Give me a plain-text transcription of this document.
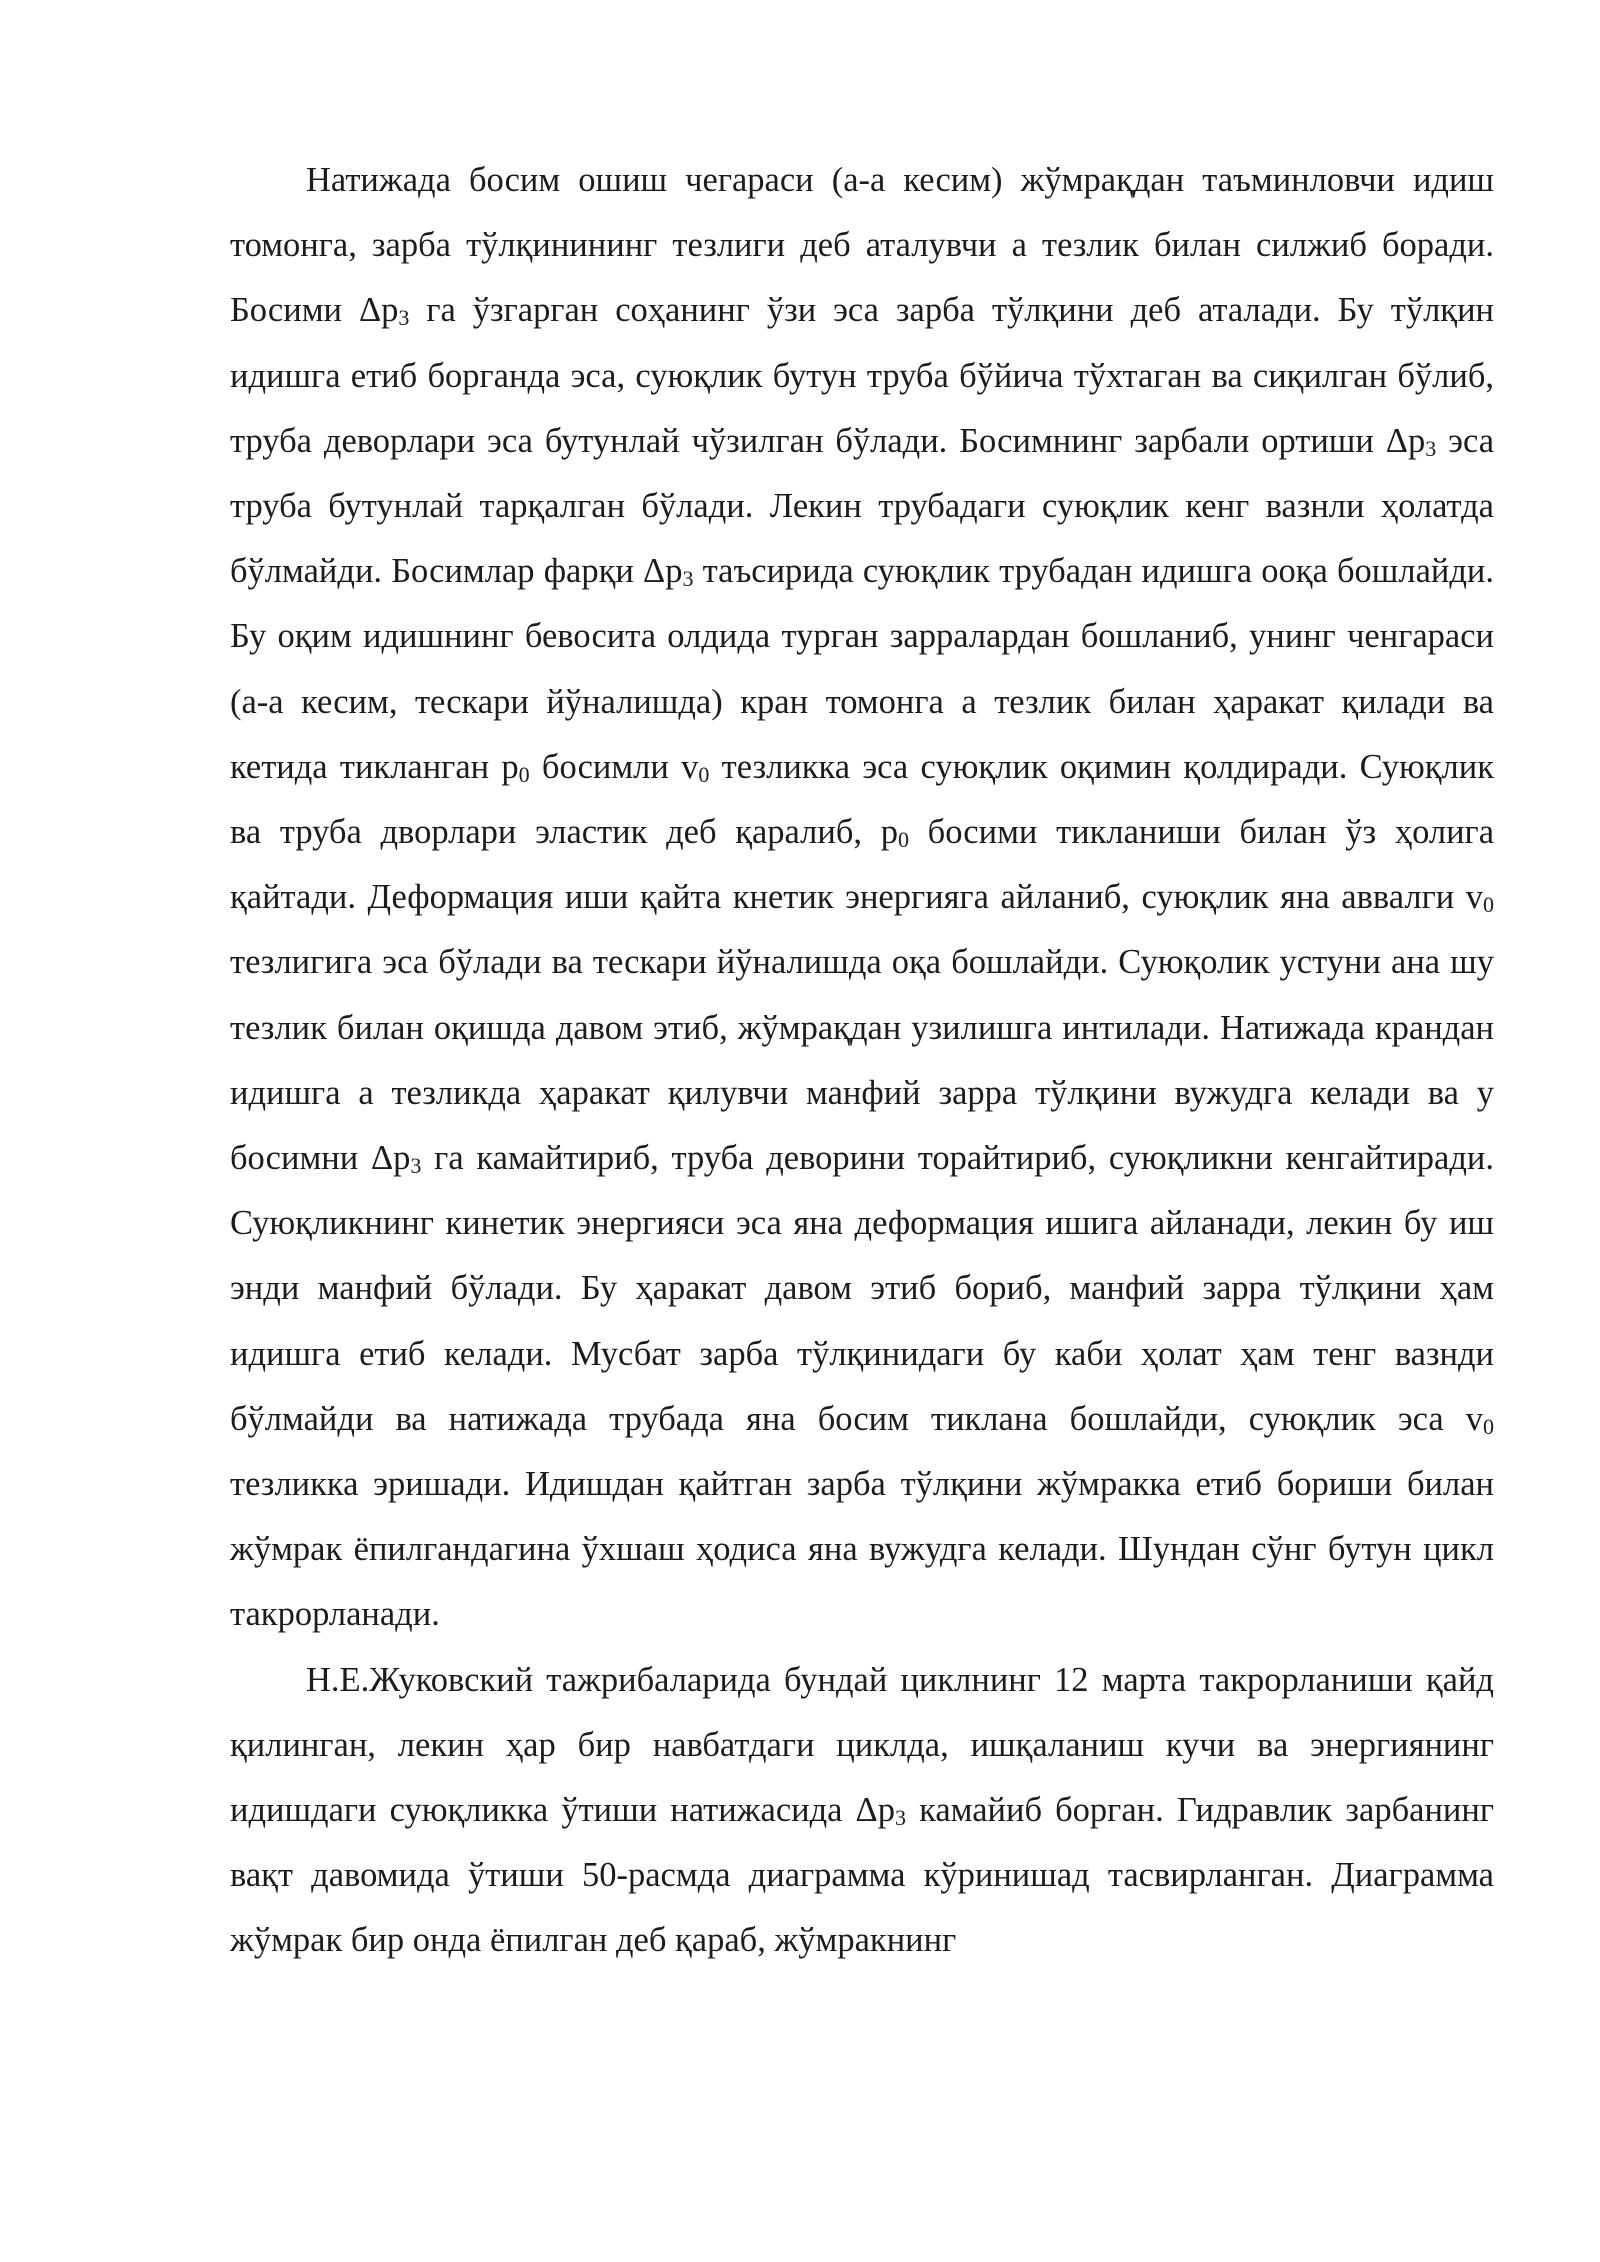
Натижада босим ошиш чегараси (а-а кесим) жўмрақдан таъминловчи идиш томонга, зарба тўлқинининг тезлиги деб аталувчи а тезлик билан силжиб боради. Босими $\Delta р_3$ га ўзгарган соҳанинг ўзи эса зарба тўлқини деб аталади. Бу тўлқин идишга етиб борганда эса, суюқлик бутун труба бўйича тўхтаган ва сиқилган бўлиб, труба деворлари эса бутунлай чўзилган бўлади. Босимнинг зарбали ортиши $\Delta р_3$ эса труба бутунлай тарқалган бўлади. Лекин трубадаги суюқлик кенг вазнли ҳолатда бўлмайди. Босимлар фарқи $\Delta р_3$ таъсирида суюқлик трубадан идишга ооқа бошлайди. Бу оқим идишнинг бевосита олдида турган зарралардан бошланиб, унинг ченгараси (а-а кесим, тескари йўналишда) кран томонга а тезлик билан ҳаракат қилади ва кетида тикланган $р_0$ босимли $v_0$ тезликка эса суюқлик оқимин қолдиради. Суюқлик ва труба дворлари эластик деб қаралиб, $р_0$ босими тикланиши билан ўз ҳолига қайтади. Деформация иши қайта кнетик энергияга айланиб, суюқлик яна аввалги $v_0$ тезлигига эса бўлади ва тескари йўналишда оқа бошлайди. Суюқолик устуни ана шу тезлик билан оқишда давом этиб, жўмрақдан узилишга интилади. Натижада крандан идишга а тезликда ҳаракат қилувчи манфий зарра тўлқини вужудга келади ва у босимни $\Delta р_3$ га камайтириб, труба деворини торайтириб, суюқликни кенгайтиради. Суюқликнинг кинетик энергияси эса яна деформация ишига айланади, лекин бу иш энди манфий бўлади. Бу ҳаракат давом этиб бориб, манфий зарра тўлқини ҳам идишга етиб келади. Мусбат зарба тўлқинидаги бу каби ҳолат ҳам тенг вазнди бўлмайди ва натижада трубада яна босим тиклана бошлайди, суюқлик эса $v_0$ тезликка эришади. Идишдан қайтган зарба тўлқини жўмракка етиб бориши билан жўмрак ёпилгандагина ўхшаш ҳодиса яна вужудга келади. Шундан сўнг бутун цикл такрорланади.

Н.Е.Жуковский тажрибаларида бундай циклнинг 12 марта такрорланиши қайд қилинган, лекин ҳар бир навбатдаги циклда, ишқаланиш кучи ва энергиянинг идишдаги суюқликка ўтиши натижасида $\Delta р_3$ камайиб борган. Гидравлик зарбанинг вақт давомида ўтиши 50-расмда диаграмма кўринишад тасвирланган. Диаграмма жўмрак бир онда ёпилган деб қараб, жўмракнинг
